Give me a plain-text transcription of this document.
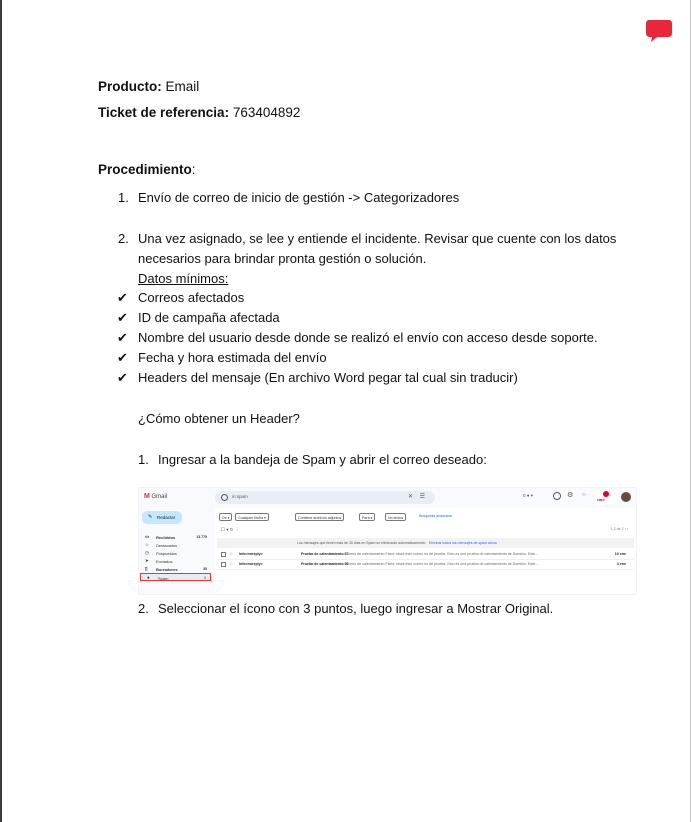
Producto: Email
Ticket de referencia: 763404892
Procedimiento:
1. Envío de correo de inicio de gestión -> Categorizadores
2. Una vez asignado, se lee y entiende el incidente. Revisar que cuente con los datos
necesarios para brindar pronta gestión o solución.
Datos mínimos:
✔ Correos afectados
✔ ID de campaña afectada
✔ Nombre del usuario desde donde se realizó el envío con acceso desde soporte.
✔ Fecha y hora estimada del envío
✔ Headers del mensaje (En archivo Word pegar tal cual sin traducir)
¿Cómo obtener un Header?
1. Ingresar a la bandeja de Spam y abrir el correo deseado:
M Gmail	in:spam	✕ ☰	0 ● ▾	⚙ ⁘
claro
✎ Redactar
▭ Recibidos	13.779
☆ Destacados
◷ Pospuestos
➤ Enviados
▯ Borradores	35
● Spam	2
De ▾	Cualquier fecha ▾	Contiene archivos adjuntos	Para ▾	No leídos	Búsqueda avanzada
☐ ▾ ↻ ⋮	1-2 de 2 ‹ ›
Los mensajes que lleven más de 30 días en Spam se eliminarán automáticamente. Eliminar todos los mensajes de spam ahora
☆ Info<noreply>	Prueba de calentamiento 07	10 ene
- Correo de calentamiento Favor obvia este correo es de prueba. Esto es una prueba de calentamiento de Dominio. Este...
☆ Info<noreply>	Prueba de calentamiento 06	4 ene
- Correo de calentamiento Favor obvia este correo es de prueba. Esto es una prueba de calentamiento de Dominio. Este...
2. Seleccionar el ícono con 3 puntos, luego ingresar a Mostrar Original.
